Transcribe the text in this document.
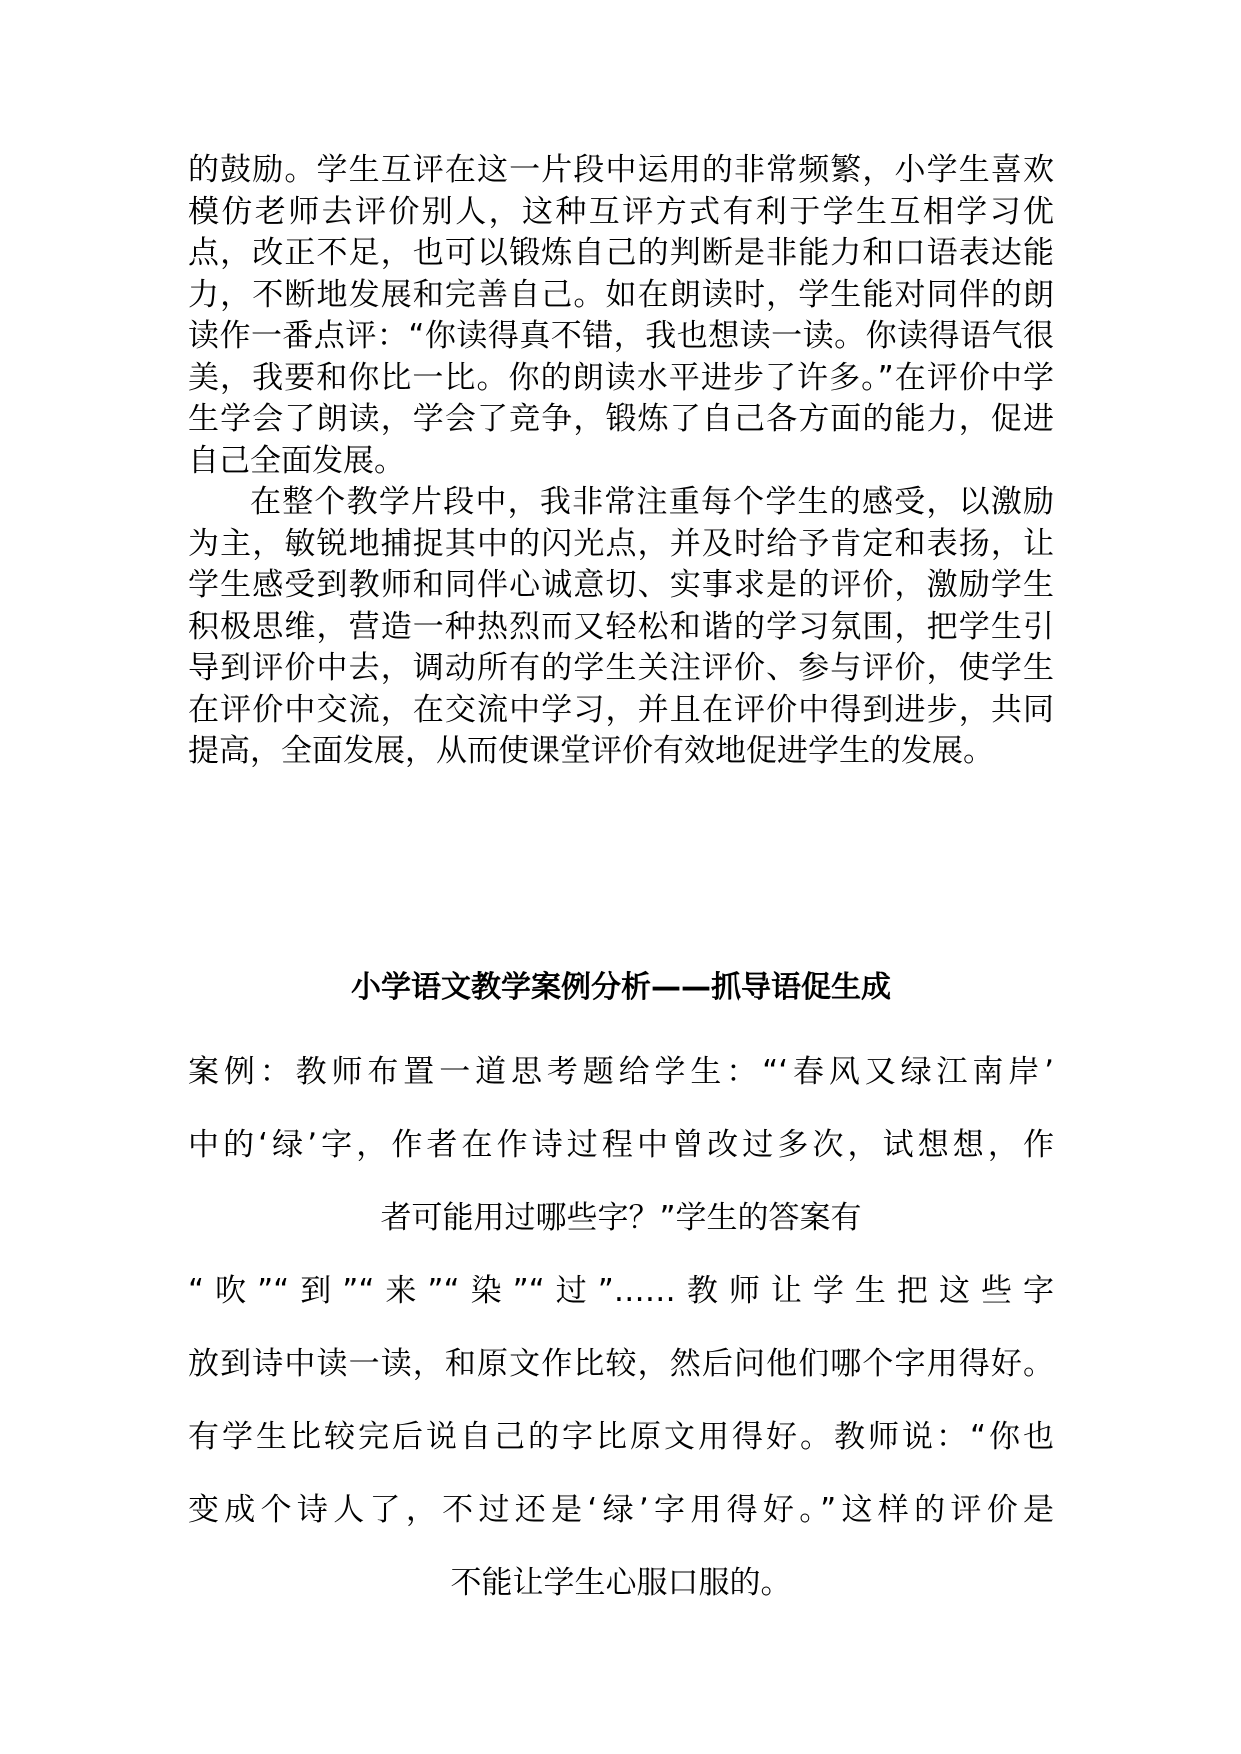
的鼓励。学生互评在这一片段中运用的非常频繁，小学生喜欢模仿老师去评价别人，这种互评方式有利于学生互相学习优点，改正不足，也可以锻炼自己的判断是非能力和口语表达能力，不断地发展和完善自己。如在朗读时，学生能对同伴的朗读作一番点评：“你读得真不错，我也想读一读。你读得语气很美，我要和你比一比。你的朗读水平进步了许多。”在评价中学生学会了朗读，学会了竞争，锻炼了自己各方面的能力，促进自己全面发展。

在整个教学片段中，我非常注重每个学生的感受，以激励为主，敏锐地捕捉其中的闪光点，并及时给予肯定和表扬，让学生感受到教师和同伴心诚意切、实事求是的评价，激励学生积极思维，营造一种热烈而又轻松和谐的学习氛围，把学生引导到评价中去，调动所有的学生关注评价、参与评价，使学生在评价中交流，在交流中学习，并且在评价中得到进步，共同提高，全面发展，从而使课堂评价有效地促进学生的发展。

小学语文教学案例分析——抓导语促生成
案例：教师布置一道思考题给学生：“‘春风又绿江南岸’
中的‘绿’字，作者在作诗过程中曾改过多次，试想想，作
者可能用过哪些字？”学生的答案有
“吹”“到”“来”“染”“过”……教师让学生把这些字
放到诗中读一读，和原文作比较，然后问他们哪个字用得好。
有学生比较完后说自己的字比原文用得好。教师说：“你也
变成个诗人了，不过还是‘绿’字用得好。”这样的评价是
不能让学生心服口服的。
